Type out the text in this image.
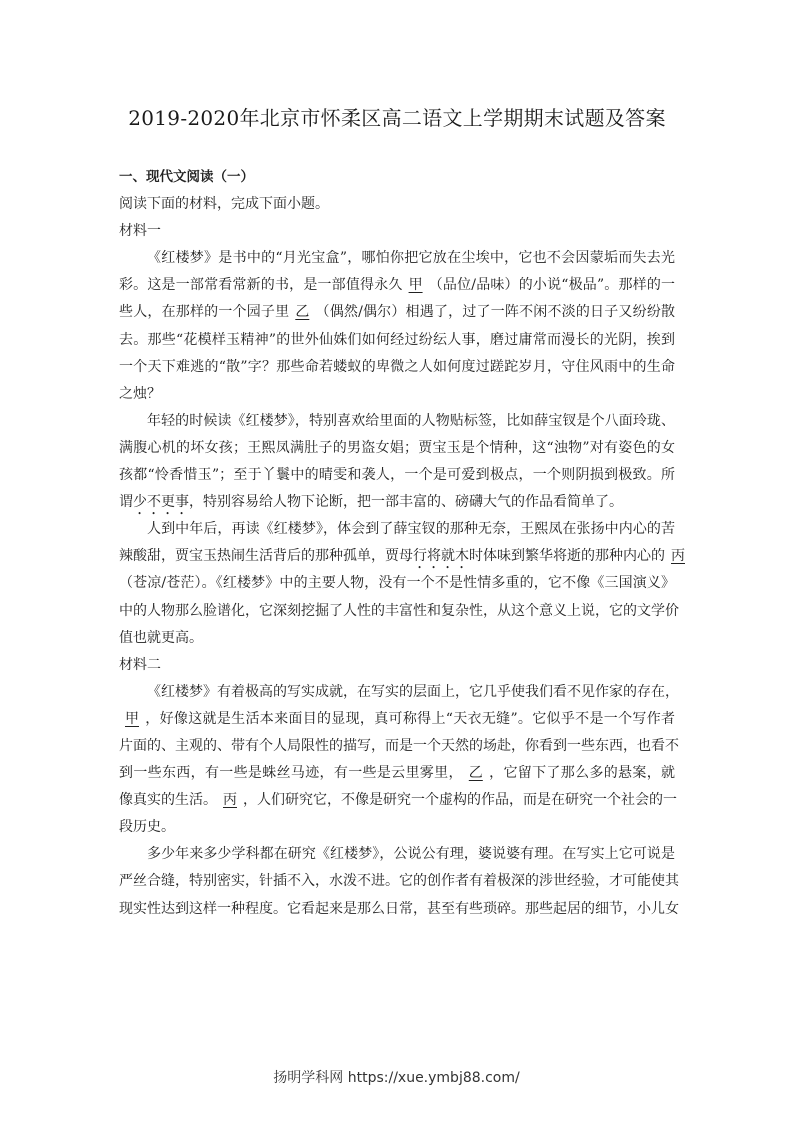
2019-2020年北京市怀柔区高二语文上学期期末试题及答案
一、现代文阅读（一）
阅读下面的材料，完成下面小题。
材料一
《红楼梦》是书中的“月光宝盒”，哪怕你把它放在尘埃中，它也不会因蒙垢而失去光
彩。这是一部常看常新的书，是一部值得永久 甲 （品位/品味）的小说“极品”。那样的一
些人，在那样的一个园子里 乙 （偶然/偶尔）相遇了，过了一阵不闲不淡的日子又纷纷散
去。那些“花模样玉精神”的世外仙姝们如何经过纷纭人事，磨过庸常而漫长的光阴，挨到
一个天下难逃的“散”字？那些命若蝼蚁的卑微之人如何度过蹉跎岁月，守住风雨中的生命
之烛？
年轻的时候读《红楼梦》，特别喜欢给里面的人物贴标签，比如薛宝钗是个八面玲珑、
满腹心机的坏女孩；王熙凤满肚子的男盗女娼；贾宝玉是个情种，这“浊物”对有姿色的女
孩都“怜香惜玉”；至于丫鬟中的晴雯和袭人，一个是可爱到极点，一个则阴损到极致。所
谓少不更事，特别容易给人物下论断，把一部丰富的、磅礴大气的作品看简单了。
人到中年后，再读《红楼梦》，体会到了薛宝钗的那种无奈，王熙凤在张扬中内心的苦
辣酸甜，贾宝玉热闹生活背后的那种孤单，贾母行将就木时体味到繁华将逝的那种内心的 丙
（苍凉/苍茫）。《红楼梦》中的主要人物，没有一个不是性情多重的，它不像《三国演义》
中的人物那么脸谱化，它深刻挖掘了人性的丰富性和复杂性，从这个意义上说，它的文学价
值也就更高。
材料二
《红楼梦》有着极高的写实成就，在写实的层面上，它几乎使我们看不见作家的存在，
甲 ，好像这就是生活本来面目的显现，真可称得上“天衣无缝”。它似乎不是一个写作者
片面的、主观的、带有个人局限性的描写，而是一个天然的场赴，你看到一些东西，也看不
到一些东西，有一些是蛛丝马迹，有一些是云里雾里， 乙 ，它留下了那么多的悬案，就
像真实的生活。 丙 ，人们研究它，不像是研究一个虚构的作品，而是在研究一个社会的一
段历史。
多少年来多少学科都在研究《红楼梦》，公说公有理，婆说婆有理。在写实上它可说是
严丝合缝，特别密实，针插不入，水泼不进。它的创作者有着极深的涉世经验，才可能使其
现实性达到这样一种程度。它看起来是那么日常，甚至有些琐碎。那些起居的细节，小儿女
扬明学科网 https://xue.ymbj88.com/
